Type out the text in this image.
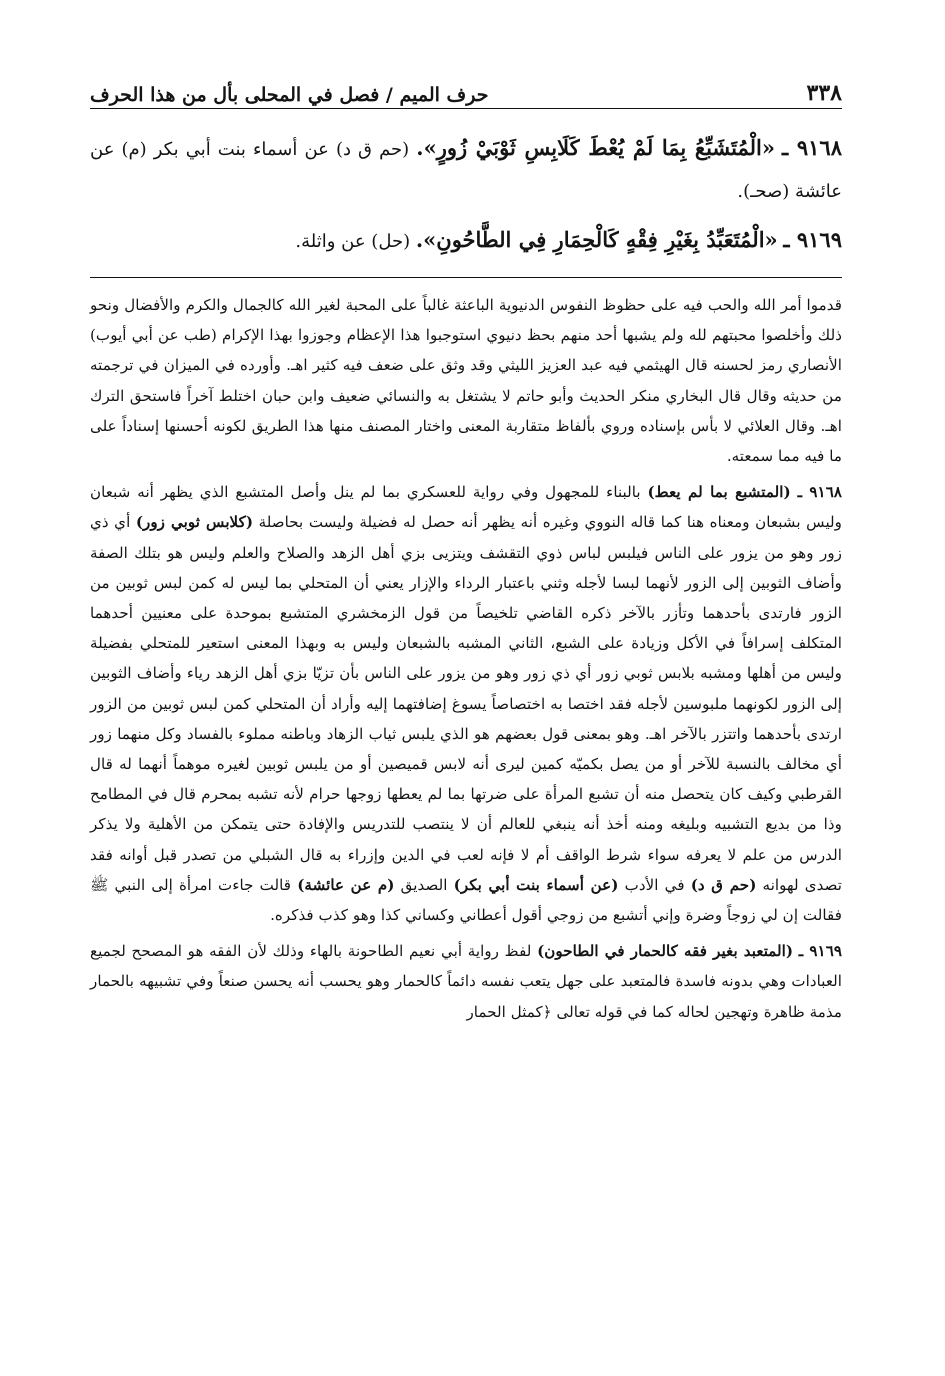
٣٣٨
حرف الميم / فصل في المحلى بأل من هذا الحرف

٩١٦٨ ـ «الْمُتَشَبِّعُ بِمَا لَمْ يُعْطَ كَلَابِسِ ثَوْبَيْ زُورٍ». (حم ق د) عن أسماء بنت أبي بكر (م) عن عائشة (صحـ).

٩١٦٩ ـ «الْمُتَعَبِّدُ بِغَيْرِ فِقْهٍ كَالْحِمَارِ فِي الطَّاحُونِ». (حل) عن واثلة.

قدموا أمر الله والحب فيه على حظوظ النفوس الدنيوية الباعثة غالباً على المحبة لغير الله كالجمال والكرم والأفضال ونحو ذلك وأخلصوا محبتهم لله ولم يشبها أحد منهم بحظ دنيوي استوجبوا هذا الإعظام وجوزوا بهذا الإكرام (طب عن أبي أيوب) الأنصاري رمز لحسنه قال الهيثمي فيه عبد العزيز الليثي وقد وثق على ضعف فيه كثير اهـ. وأورده في الميزان في ترجمته من حديثه وقال قال البخاري منكر الحديث وأبو حاتم لا يشتغل به والنسائي ضعيف وابن حبان اختلط آخراً فاستحق الترك اهـ. وقال العلائي لا بأس بإسناده وروي بألفاظ متقاربة المعنى واختار المصنف منها هذا الطريق لكونه أحسنها إسناداً على ما فيه مما سمعته.

٩١٦٨ ـ (المتشبع بما لم يعط) بالبناء للمجهول وفي رواية للعسكري بما لم ينل وأصل المتشبع الذي يظهر أنه شبعان وليس بشبعان ومعناه هنا كما قاله النووي وغيره أنه يظهر أنه حصل له فضيلة وليست بحاصلة (كلابس ثوبي زور) أي ذي زور وهو من يزور على الناس فيلبس لباس ذوي التقشف ويتزيى بزي أهل الزهد والصلاح والعلم وليس هو بتلك الصفة وأضاف الثوبين إلى الزور لأنهما لبسا لأجله وثني باعتبار الرداء والإزار يعني أن المتحلي بما ليس له كمن لبس ثوبين من الزور فارتدى بأحدهما وتأزر بالآخر ذكره القاضي تلخيصاً من قول الزمخشري المتشبع بموحدة على معنيين أحدهما المتكلف إسرافاً في الأكل وزيادة على الشبع، الثاني المشبه بالشبعان وليس به وبهذا المعنى استعير للمتحلي بفضيلة وليس من أهلها ومشبه بلابس ثوبي زور أي ذي زور وهو من يزور على الناس بأن تزيّا بزي أهل الزهد رياء وأضاف الثوبين إلى الزور لكونهما ملبوسين لأجله فقد اختصا به اختصاصاً يسوغ إضافتهما إليه وأراد أن المتحلي كمن لبس ثوبين من الزور ارتدى بأحدهما واتتزر بالآخر اهـ. وهو بمعنى قول بعضهم هو الذي يلبس ثياب الزهاد وباطنه مملوء بالفساد وكل منهما زور أي مخالف بالنسبة للآخر أو من يصل بكميّه كمين ليرى أنه لابس قميصين أو من يلبس ثوبين لغيره موهماً أنهما له قال القرطبي وكيف كان يتحصل منه أن تشبع المرأة على ضرتها بما لم يعطها زوجها حرام لأنه تشبه بمحرم قال في المطامح وذا من بديع التشبيه وبليغه ومنه أخذ أنه ينبغي للعالم أن لا ينتصب للتدريس والإفادة حتى يتمكن من الأهلية ولا يذكر الدرس من علم لا يعرفه سواء شرط الواقف أم لا فإنه لعب في الدين وإزراء به قال الشبلي من تصدر قبل أوانه فقد تصدى لهوانه (حم ق د) في الأدب (عن أسماء بنت أبي بكر) الصديق (م عن عائشة) قالت جاءت امرأة إلى النبي ﷺ فقالت إن لي زوجاً وضرة وإني أتشبع من زوجي أقول أعطاني وكساني كذا وهو كذب فذكره.

٩١٦٩ ـ (المتعبد بغير فقه كالحمار في الطاحون) لفظ رواية أبي نعيم الطاحونة بالهاء وذلك لأن الفقه هو المصحح لجميع العبادات وهي بدونه فاسدة فالمتعبد على جهل يتعب نفسه دائماً كالحمار وهو يحسب أنه يحسن صنعاً وفي تشبيهه بالحمار مذمة ظاهرة وتهجين لحاله كما في قوله تعالى ﴿كمثل الحمار
